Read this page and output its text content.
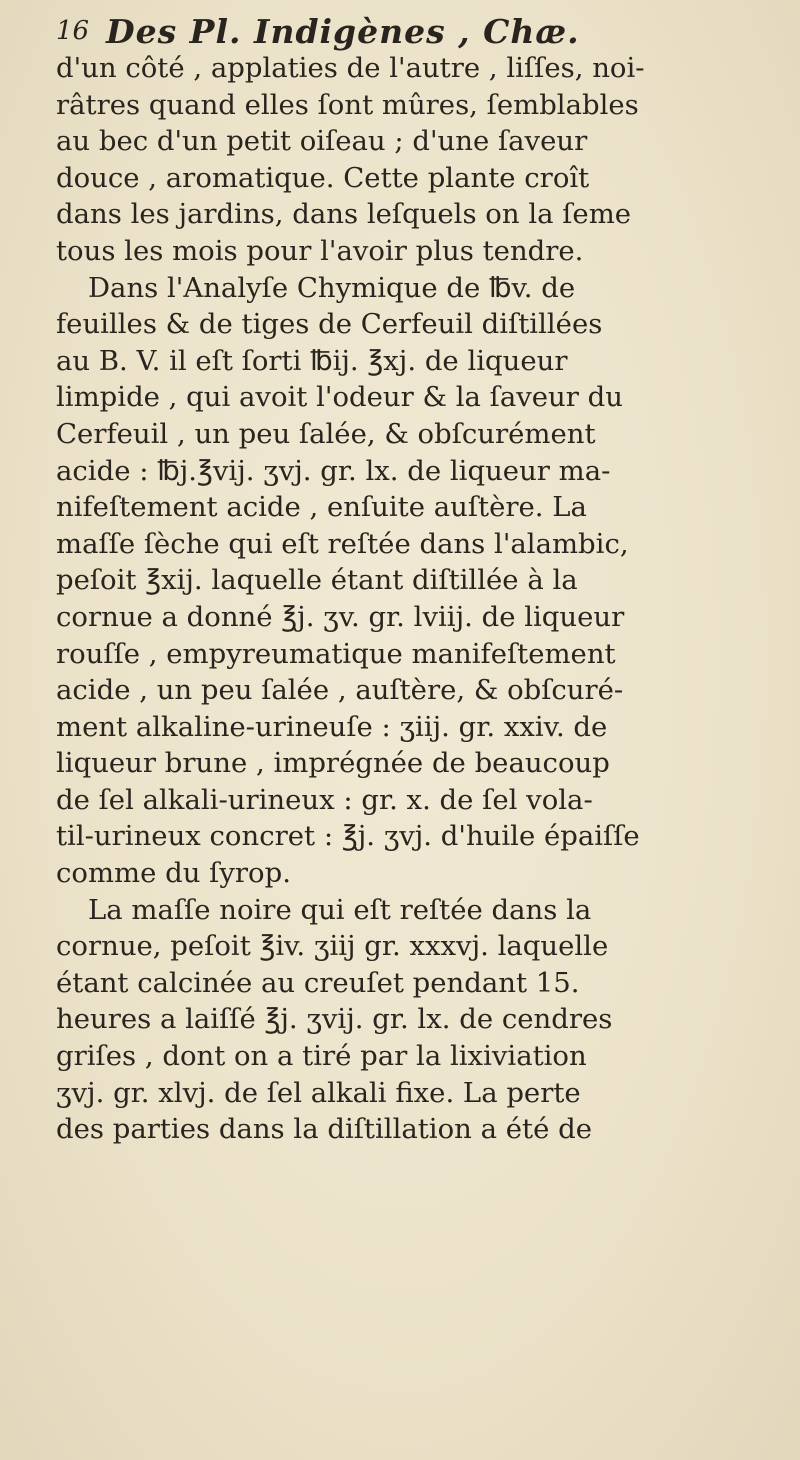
16 Des Pl. Indigènes , Chæ.
d'un côté , applaties de l'autre , liſſes, noi-
râtres quand elles ſont mûres, ſemblables
au bec d'un petit oiſeau ; d'une ſaveur
douce , aromatique. Cette plante croît
dans les jardins, dans leſquels on la ſeme
tous les mois pour l'avoir plus tendre.
Dans l'Analyſe Chymique de ℔v. de
feuilles & de tiges de Cerfeuil diſtillées
au B. V. il eſt ſorti ℔ij. ℥xj. de liqueur
limpide , qui avoit l'odeur & la ſaveur du
Cerfeuil , un peu ſalée, & obſcurément
acide : ℔j.℥vij. ʒvj. gr. lx. de liqueur ma-
nifeſtement acide , enſuite auſtère. La
maſſe ſèche qui eſt reſtée dans l'alambic,
peſoit ℥xij. laquelle étant diſtillée à la
cornue a donné ℥j. ʒv. gr. lviij. de liqueur
rouſſe , empyreumatique manifeſtement
acide , un peu ſalée , auſtère, & obſcuré-
ment alkaline-urineuſe : ʒiij. gr. xxiv. de
liqueur brune , imprégnée de beaucoup
de ſel alkali-urineux : gr. x. de ſel vola-
til-urineux concret : ℥j. ʒvj. d'huile épaiſſe
comme du ſyrop.
La maſſe noire qui eſt reſtée dans la
cornue, peſoit ℥iv. ʒiij gr. xxxvj. laquelle
étant calcinée au creuſet pendant 15.
heures a laiſſé ℥j. ʒvij. gr. lx. de cendres
griſes , dont on a tiré par la lixiviation
ʒvj. gr. xlvj. de ſel alkali fixe. La perte
des parties dans la diſtillation a été de
